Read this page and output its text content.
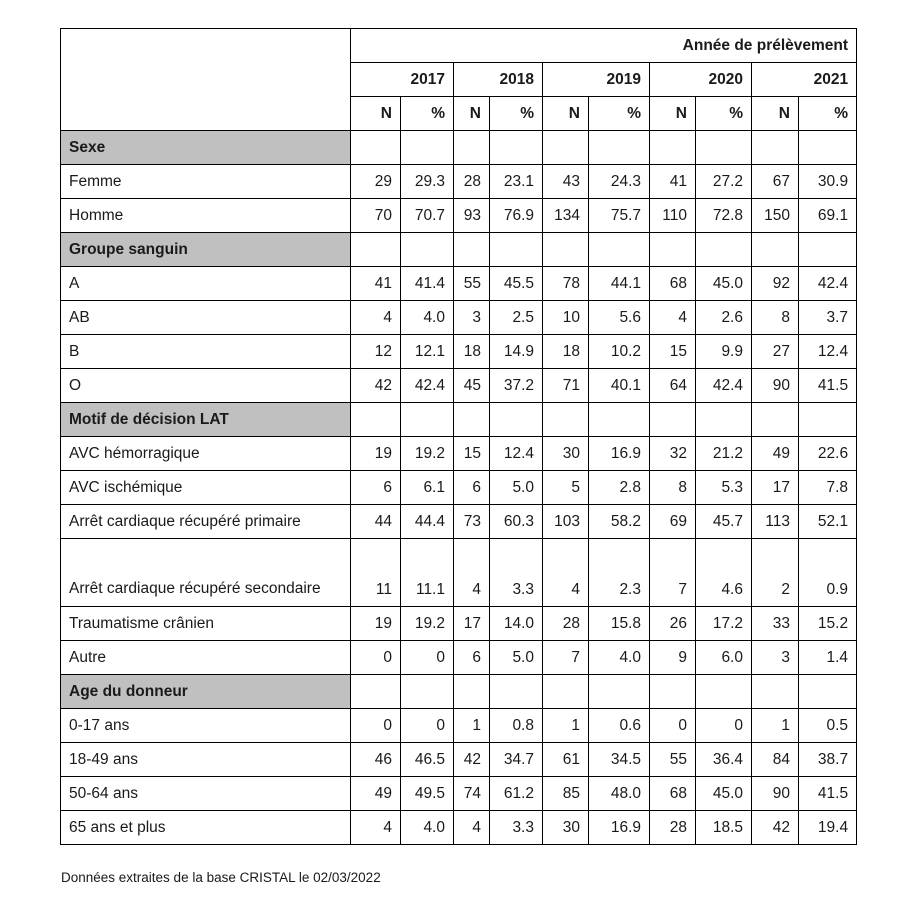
	Année de prélèvement									
	2017		2018		2019		2020		2021	
	N	%	N	%	N	%	N	%	N	%
Sexe										
Femme	29	29.3	28	23.1	43	24.3	41	27.2	67	30.9
Homme	70	70.7	93	76.9	134	75.7	110	72.8	150	69.1
Groupe sanguin										
A	41	41.4	55	45.5	78	44.1	68	45.0	92	42.4
AB	4	4.0	3	2.5	10	5.6	4	2.6	8	3.7
B	12	12.1	18	14.9	18	10.2	15	9.9	27	12.4
O	42	42.4	45	37.2	71	40.1	64	42.4	90	41.5
Motif de décision LAT										
AVC hémorragique	19	19.2	15	12.4	30	16.9	32	21.2	49	22.6
AVC ischémique	6	6.1	6	5.0	5	2.8	8	5.3	17	7.8
Arrêt cardiaque récupéré primaire	44	44.4	73	60.3	103	58.2	69	45.7	113	52.1
Arrêt cardiaque récupéré secondaire	11	11.1	4	3.3	4	2.3	7	4.6	2	0.9
Traumatisme crânien	19	19.2	17	14.0	28	15.8	26	17.2	33	15.2
Autre	0	0	6	5.0	7	4.0	9	6.0	3	1.4
Age du donneur										
0-17 ans	0	0	1	0.8	1	0.6	0	0	1	0.5
18-49 ans	46	46.5	42	34.7	61	34.5	55	36.4	84	38.7
50-64 ans	49	49.5	74	61.2	85	48.0	68	45.0	90	41.5
65 ans et plus	4	4.0	4	3.3	30	16.9	28	18.5	42	19.4
Données extraites de la base CRISTAL le 02/03/2022
